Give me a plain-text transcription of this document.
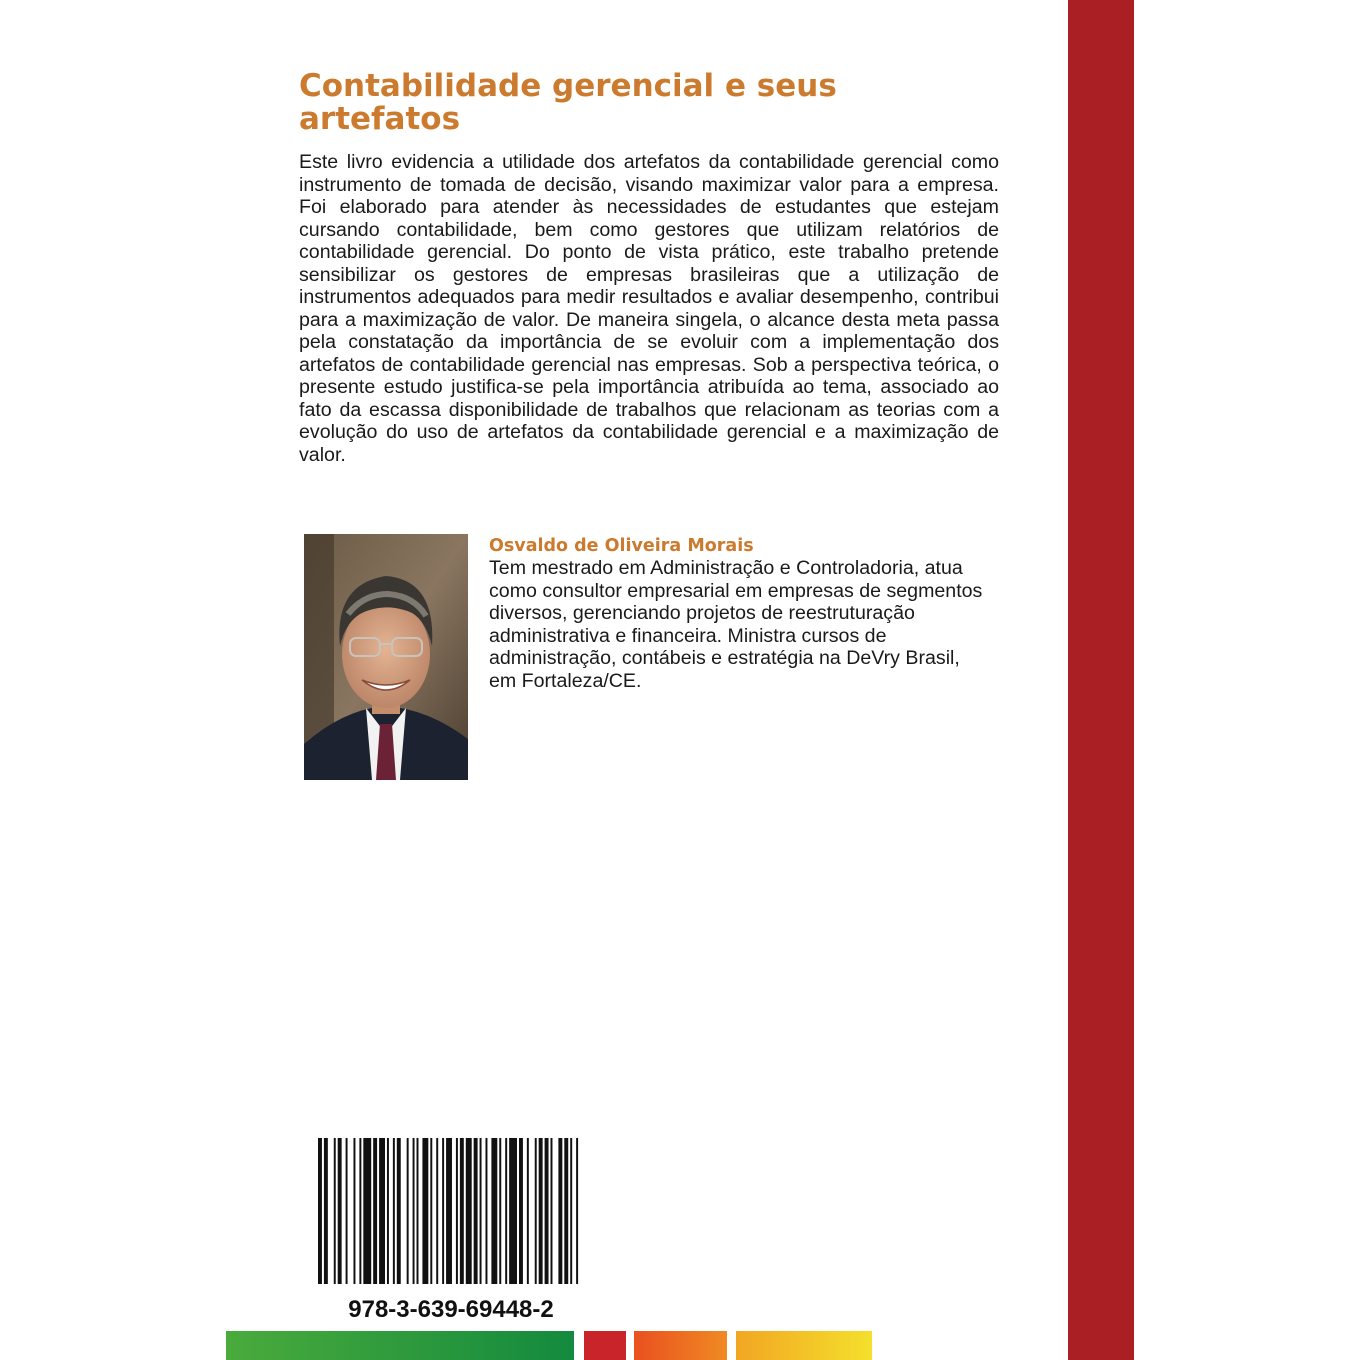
Contabilidade gerencial e seus artefatos

Este livro evidencia a utilidade dos artefatos da contabilidade gerencial como instrumento de tomada de decisão, visando maximizar valor para a empresa. Foi elaborado para atender às necessidades de estudantes que estejam cursando contabilidade, bem como gestores que utilizam relatórios de contabilidade gerencial. Do ponto de vista prático, este trabalho pretende sensibilizar os gestores de empresas brasileiras que a utilização de instrumentos adequados para medir resultados e avaliar desempenho, contribui para a maximização de valor. De maneira singela, o alcance desta meta passa pela constatação da importância de se evoluir com a implementação dos artefatos de contabilidade gerencial nas empresas. Sob a perspectiva teórica, o presente estudo justifica-se pela importância atribuída ao tema, associado ao fato da escassa disponibilidade de trabalhos que relacionam as teorias com a evolução do uso de artefatos da contabilidade gerencial e a maximização de valor.

Osvaldo de Oliveira Morais

Tem mestrado em Administração e Controladoria, atua como consultor empresarial em empresas de segmentos diversos, gerenciando projetos de reestruturação administrativa e financeira. Ministra cursos de administração, contábeis e estratégia na DeVry Brasil, em Fortaleza/CE.

978-3-639-69448-2
